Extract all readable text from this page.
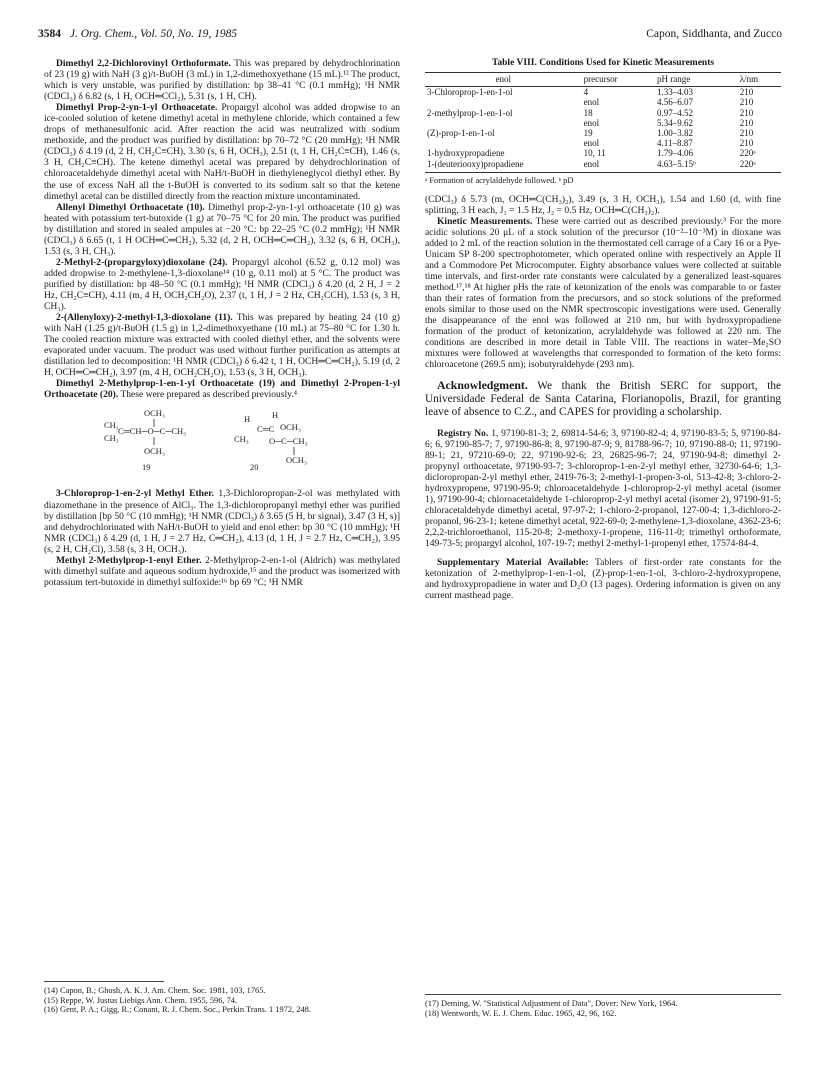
3584 J. Org. Chem., Vol. 50, No. 19, 1985	Capon, Siddhanta, and Zucco

Dimethyl 2,2-Dichlorovinyl Orthoformate. This was prepared by dehydrochlorination of 23 (19 g) with NaH (3 g)/t-BuOH (3 mL) in 1,2-dimethoxyethane (15 mL).¹² The product, which is very unstable, was purified by distillation: bp 38–41 °C (0.1 mmHg); ¹H NMR (CDCl₃) δ 6.82 (s, 1 H, OCH═CCl₂), 5.31 (s, 1 H, CH).

Dimethyl Prop-2-yn-1-yl Orthoacetate. Propargyl alcohol was added dropwise to an ice-cooled solution of ketene dimethyl acetal in methylene chloride, which contained a few drops of methanesulfonic acid. After reaction the acid was neutralized with sodium methoxide, and the product was purified by distillation: bp 70–72 °C (20 mmHg); ¹H NMR (CDCl₃) δ 4.19 (d, 2 H, CH₂C≡CH), 3.30 (s, 6 H, OCH₃), 2.51 (t, 1 H, CH₂C≡CH), 1.46 (s, 3 H, CH₂C≡CH). The ketene dimethyl acetal was prepared by dehydrochlorination of chloroacetaldehyde dimethyl acetal with NaH/t-BuOH in diethyleneglycol diethyl ether. By the use of excess NaH all the t-BuOH is converted to its sodium salt so that the ketene dimethyl acetal can be distilled directly from the reaction mixture uncontaminated.

Allenyl Dimethyl Orthoacetate (10). Dimethyl prop-2-yn-1-yl orthoacetate (10 g) was heated with potassium tert-butoxide (1 g) at 70–75 °C for 20 min. The product was purified by distillation and stored in sealed ampules at −20 °C: bp 22–25 °C (0.2 mmHg); ¹H NMR (CDCl₃) δ 6.65 (t, 1 H OCH═C═CH₂), 5.32 (d, 2 H, OCH═C═CH₂), 3.32 (s, 6 H, OCH₃), 1.53 (s, 3 H, CH₃).

2-Methyl-2-(propargyloxy)dioxolane (24). Propargyl alcohol (6.52 g, 0.12 mol) was added dropwise to 2-methylene-1,3-dioxolane¹⁴ (10 g, 0.11 mol) at 5 °C. The product was purified by distillation: bp 48–50 °C (0.1 mmHg); ¹H NMR (CDCl₃) δ 4.20 (d, 2 H, J = 2 Hz, CH₂C≡CH), 4.11 (m, 4 H, OCH₂CH₂O), 2.37 (t, 1 H, J = 2 Hz, CH₂CCH), 1.53 (s, 3 H, CH₃).

2-(Allenyloxy)-2-methyl-1,3-dioxolane (11). This was prepared by heating 24 (10 g) with NaH (1.25 g)/t-BuOH (1.5 g) in 1,2-dimethoxyethane (10 mL) at 75–80 °C for 1.30 h. The cooled reaction mixture was extracted with cooled diethyl ether, and the solvents were evaporated under vacuum. The product was used without further purification as attempts at distillation led to decomposition: ¹H NMR (CDCl₃) δ 6.42 t, 1 H, OCH═C═CH₂), 5.19 (d, 2 H, OCH═C═CH₂), 3.97 (m, 4 H, OCH₂CH₂O), 1.53 (s, 3 H, OCH₃).

Dimethyl 2-Methylprop-1-en-1-yl Orthoacetate (19) and Dimethyl 2-Propen-1-yl Orthoacetate (20). These were prepared as described previously.⁴

OCH₃
CH₃
C═CH─O─C─CH₃
CH₃
OCH₃
19
H	H
C═C
CH₃
OCH₃
O─C─CH₃
OCH₃
20

3-Chloroprop-1-en-2-yl Methyl Ether. 1,3-Dichloropropan-2-ol was methylated with diazomethane in the presence of AlCl₃. The 1,3-dichloropropanyl methyl ether was purified by distillation [bp 50 °C (10 mmHg); ¹H NMR (CDCl₃) δ 3.65 (5 H, br signal), 3.47 (3 H, s)] and dehydrochlorinated with NaH/t-BuOH to yield and enol ether: bp 30 °C (10 mmHg); ¹H NMR (CDCl₃) δ 4.29 (d, 1 H, J = 2.7 Hz, C═CH₂), 4.13 (d, 1 H, J = 2.7 Hz, C═CH₂), 3.95 (s, 2 H, CH₂Cl), 3.58 (s, 3 H, OCH₃).

Methyl 2-Methylprop-1-enyl Ether. 2-Methylprop-2-en-1-ol (Aldrich) was methylated with dimethyl sulfate and aqueous sodium hydroxide,¹⁵ and the product was isomerized with potassium tert-butoxide in dimethyl sulfoxide:¹⁶ bp 69 °C; ¹H NMR

(14) Capon, B.; Ghosh, A. K. J. Am. Chem. Soc. 1981, 103, 1765.

(15) Reppe, W. Justus Liebigs Ann. Chem. 1955, 596, 74.

(16) Gent, P. A.; Gigg, R.; Conant, R. J. Chem. Soc., Perkin Trans. 1 1972, 248.

Table VIII. Conditions Used for Kinetic Measurements
enol	precursor	pH range	λ/nm
3-Chloroprop-1-en-1-ol	4	1.33–4.03	210
	enol	4.56–6.07	210
2-methylprop-1-en-1-ol	18	0.97–4.52	210
	enol	5.34–9.62	210
(Z)-prop-1-en-1-ol	19	1.00–3.82	210
	enol	4.11–8.87	210
1-hydroxypropadiene	10, 11	1.79–4.06	220ᵃ
1-(deuteriooxy)propadiene	enol	4.63–5.15ᵇ	220ᵃ
ᵃ Formation of acrylaldehyde followed. ᵇ pD

(CDCl₃) δ 5.73 (m, OCH═C(CH₃)₂), 3.49 (s, 3 H, OCH₃), 1.54 and 1.60 (d, with fine splitting, 3 H each, J₁ = 1.5 Hz, J₂ = 0.5 Hz, OCH═C(CH₃)₂).

Kinetic Measurements. These were carried out as described previously.³ For the more acidic solutions 20 μL of a stock solution of the precursor (10⁻²–10⁻³M) in dioxane was added to 2 mL of the reaction solution in the thermostated cell carrage of a Cary 16 or a Pye-Unicam SP 8-200 spectrophotometer, which operated online with respectively an Apple II and a Commodore Pet Microcomputer. Eighty absorbance values were collected at suitable time intervals, and first-order rate constants were calculated by a generalized least-squares method.¹⁷,¹⁸ At higher pHs the rate of ketonization of the enols was comparable to or faster than their rates of formation from the precursors, and so stock solutions of the preformed enols similar to those used on the NMR spectroscopic investigations were used. Generally the disappearance of the enol was followed at 210 nm, but with hydroxypropadiene formation of the product of ketonization, acrylaldehyde was followed at 220 nm. The conditions are described in more detail in Table VIII. The reactions in water–Me₂SO mixtures were followed at wavelengths that corresponded to formation of the keto forms: chloroacetone (269.5 nm); isobutyraldehyde (293 nm).

Acknowledgment. We thank the British SERC for support, the Universidade Federal de Santa Catarina, Florianopolis, Brazil, for granting leave of absence to C.Z., and CAPES for providing a scholarship.

Registry No. 1, 97190-81-3; 2, 69814-54-6; 3, 97190-82-4; 4, 97190-83-5; 5, 97190-84-6; 6, 97190-85-7; 7, 97190-86-8; 8, 97190-87-9; 9, 81788-96-7; 10, 97190-88-0; 11, 97190-89-1; 21, 97210-69-0; 22, 97190-92-6; 23, 26825-96-7; 24, 97190-94-8; dimethyl 2-propynyl orthoacetate, 97190-93-7; 3-chloroprop-1-en-2-yl methyl ether, 32730-64-6; 1,3-dicloropropan-2-yl methyl ether, 2419-76-3; 2-methyl-1-propen-3-ol, 513-42-8; 3-chloro-2-hydroxypropene, 97190-95-9; chloroacetaldehyde 1-chloroprop-2-yl methyl acetal (isomer 1), 97190-90-4; chloroacetaldehyde 1-chloroprop-2-yl methyl acetal (isomer 2), 97190-91-5; chloracetaldehyde dimethyl acetal, 97-97-2; 1-chloro-2-propanol, 127-00-4; 1,3-dichloro-2-propanol, 96-23-1; ketene dimethyl acetal, 922-69-0; 2-methylene-1,3-dioxolane, 4362-23-6; 2,2,2-trichloroethanol, 115-20-8; 2-methoxy-1-propene, 116-11-0; trimethyl orthoformate, 149-73-5; propargyl alcohol, 107-19-7; methyl 2-methyl-1-propenyl ether, 17574-84-4.

Supplementary Material Available: Tablers of first-order rate constants for the ketonization of 2-methylprop-1-en-1-ol, (Z)-prop-1-en-1-ol, 3-chloro-2-hydroxypropene, and hydroxypropadiene in water and D₂O (13 pages). Ordering information is given on any current masthead page.

(17) Deming, W. "Statistical Adjustment of Data", Dover: New York, 1964.

(18) Wentworth, W. E. J. Chem. Educ. 1965, 42, 96, 162.
